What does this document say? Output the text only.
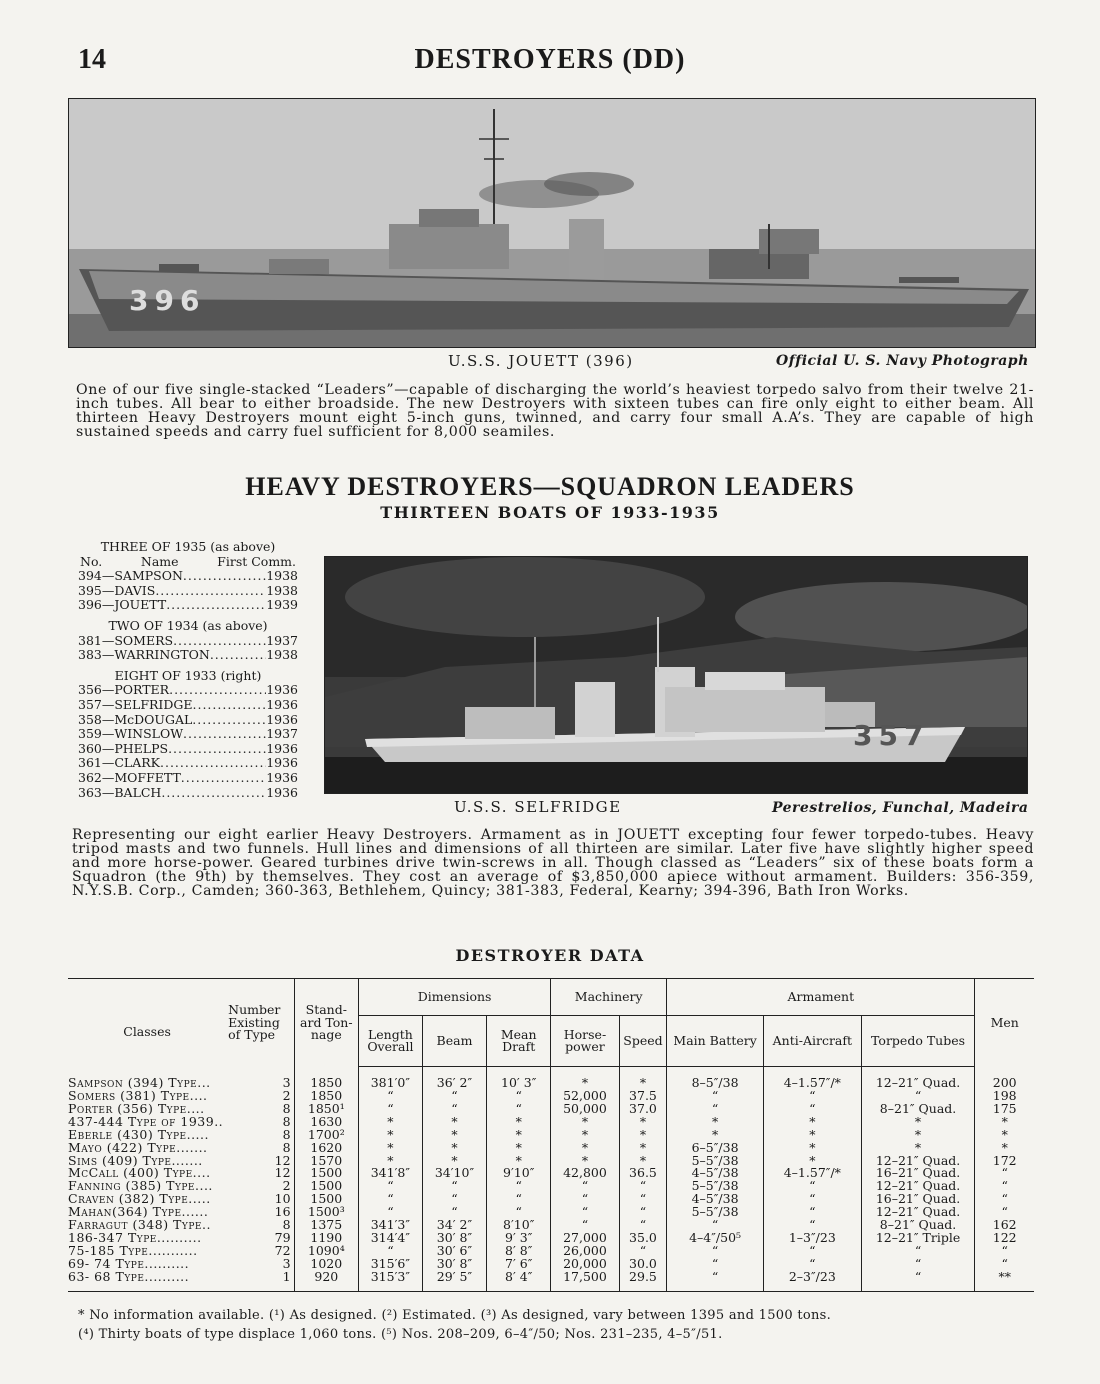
DESTROYERS (DD)
14
396
U.S.S. JOUETT (396)	Official U. S. Navy Photograph
One of our five single-stacked “Leaders”—capable of discharging the world’s heaviest torpedo salvo from their twelve 21-inch tubes. All bear to either broadside. The new Destroyers with sixteen tubes can fire only eight to either beam. All thirteen Heavy Destroyers mount eight 5-inch guns, twinned, and carry four small A.A’s. They are capable of high sustained speeds and carry fuel sufficient for 8,000 seamiles.
HEAVY DESTROYERS—SQUADRON LEADERS
THIRTEEN BOATS OF 1933-1935
THREE OF 1935 (as above)
No.	Name	First Comm.
394—SAMPSON .....	1938
395—DAVIS .....	1938
396—JOUETT .....	1939
TWO OF 1934 (as above)
381—SOMERS .....	1937
383—WARRINGTON .....	1938
EIGHT OF 1933 (right)
356—PORTER .....	1936
357—SELFRIDGE .....	1936
358—McDOUGAL .....	1936
359—WINSLOW .....	1937
360—PHELPS .....	1936
361—CLARK .....	1936
362—MOFFETT .....	1936
363—BALCH .....	1936
357
U.S.S. SELFRIDGE	Perestrelios, Funchal, Madeira
Representing our eight earlier Heavy Destroyers. Armament as in JOUETT excepting four fewer torpedo-tubes. Heavy tripod masts and two funnels. Hull lines and dimensions of all thirteen are similar. Later five have slightly higher speed and more horse-power. Geared turbines drive twin-screws in all. Though classed as “Leaders” six of these boats form a Squadron (the 9th) by themselves. They cost an average of $3,850,000 apiece without armament. Builders: 356-359, N.Y.S.B. Corp., Camden; 360-363, Bethlehem, Quincy; 381-383, Federal, Kearny; 394-396, Bath Iron Works.
DESTROYER DATA
Classes	Number Existing of Type	Stand-ard Ton-nage	Dimensions			Machinery		Armament			Men
			Length Overall	Beam	Mean Draft	Horse-power	Speed	Main Battery	Anti-Aircraft	Torpedo Tubes	
Sampson (394) Type...	3	1850	381′0″	36′ 2″	10′ 3″	*	*	8–5″/38	4–1.57″/*	12–21″ Quad.	200
Somers (381) Type....	2	1850	“	“	“	52,000	37.5	“	“	“	198
Porter (356) Type....	8	1850¹	“	“	“	50,000	37.0	“	“	8–21″ Quad.	175
437-444 Type of 1939..	8	1630	*	*	*	*	*	*	*	*	*
Eberle (430) Type.....	8	1700²	*	*	*	*	*	*	*	*	*
Mayo (422) Type.......	8	1620	*	*	*	*	*	6–5″/38	*	*	*
Sims (409) Type.......	12	1570	*	*	*	*	*	5–5″/38	*	12–21″ Quad.	172
McCall (400) Type....	12	1500	341′8″	34′10″	9′10″	42,800	36.5	4–5″/38	4–1.57″/*	16–21″ Quad.	“
Fanning (385) Type....	2	1500	“	“	“	“	“	5–5″/38	“	12–21″ Quad.	“
Craven (382) Type.....	10	1500	“	“	“	“	“	4–5″/38	“	16–21″ Quad.	“
Mahan(364) Type......	16	1500³	“	“	“	“	“	5–5″/38	“	12–21″ Quad.	“
Farragut (348) Type..	8	1375	341′3″	34′ 2″	8′10″	“	“	“	“	8–21″ Quad.	162
186-347 Type..........	79	1190	314′4″	30′ 8″	9′ 3″	27,000	35.0	4–4″/50⁵	1–3″/23	12–21″ Triple	122
75-185 Type...........	72	1090⁴	“	30′ 6″	8′ 8″	26,000	“	“	“	“	“
69- 74 Type..........	3	1020	315′6″	30′ 8″	7′ 6″	20,000	30.0	“	“	“	“
63- 68 Type..........	1	920	315′3″	29′ 5″	8′ 4″	17,500	29.5	“	2–3″/23	“	**
* No information available. (¹) As designed. (²) Estimated. (³) As designed, vary between 1395 and 1500 tons.
(⁴) Thirty boats of type displace 1,060 tons. (⁵) Nos. 208–209, 6–4″/50; Nos. 231–235, 4–5″/51.
